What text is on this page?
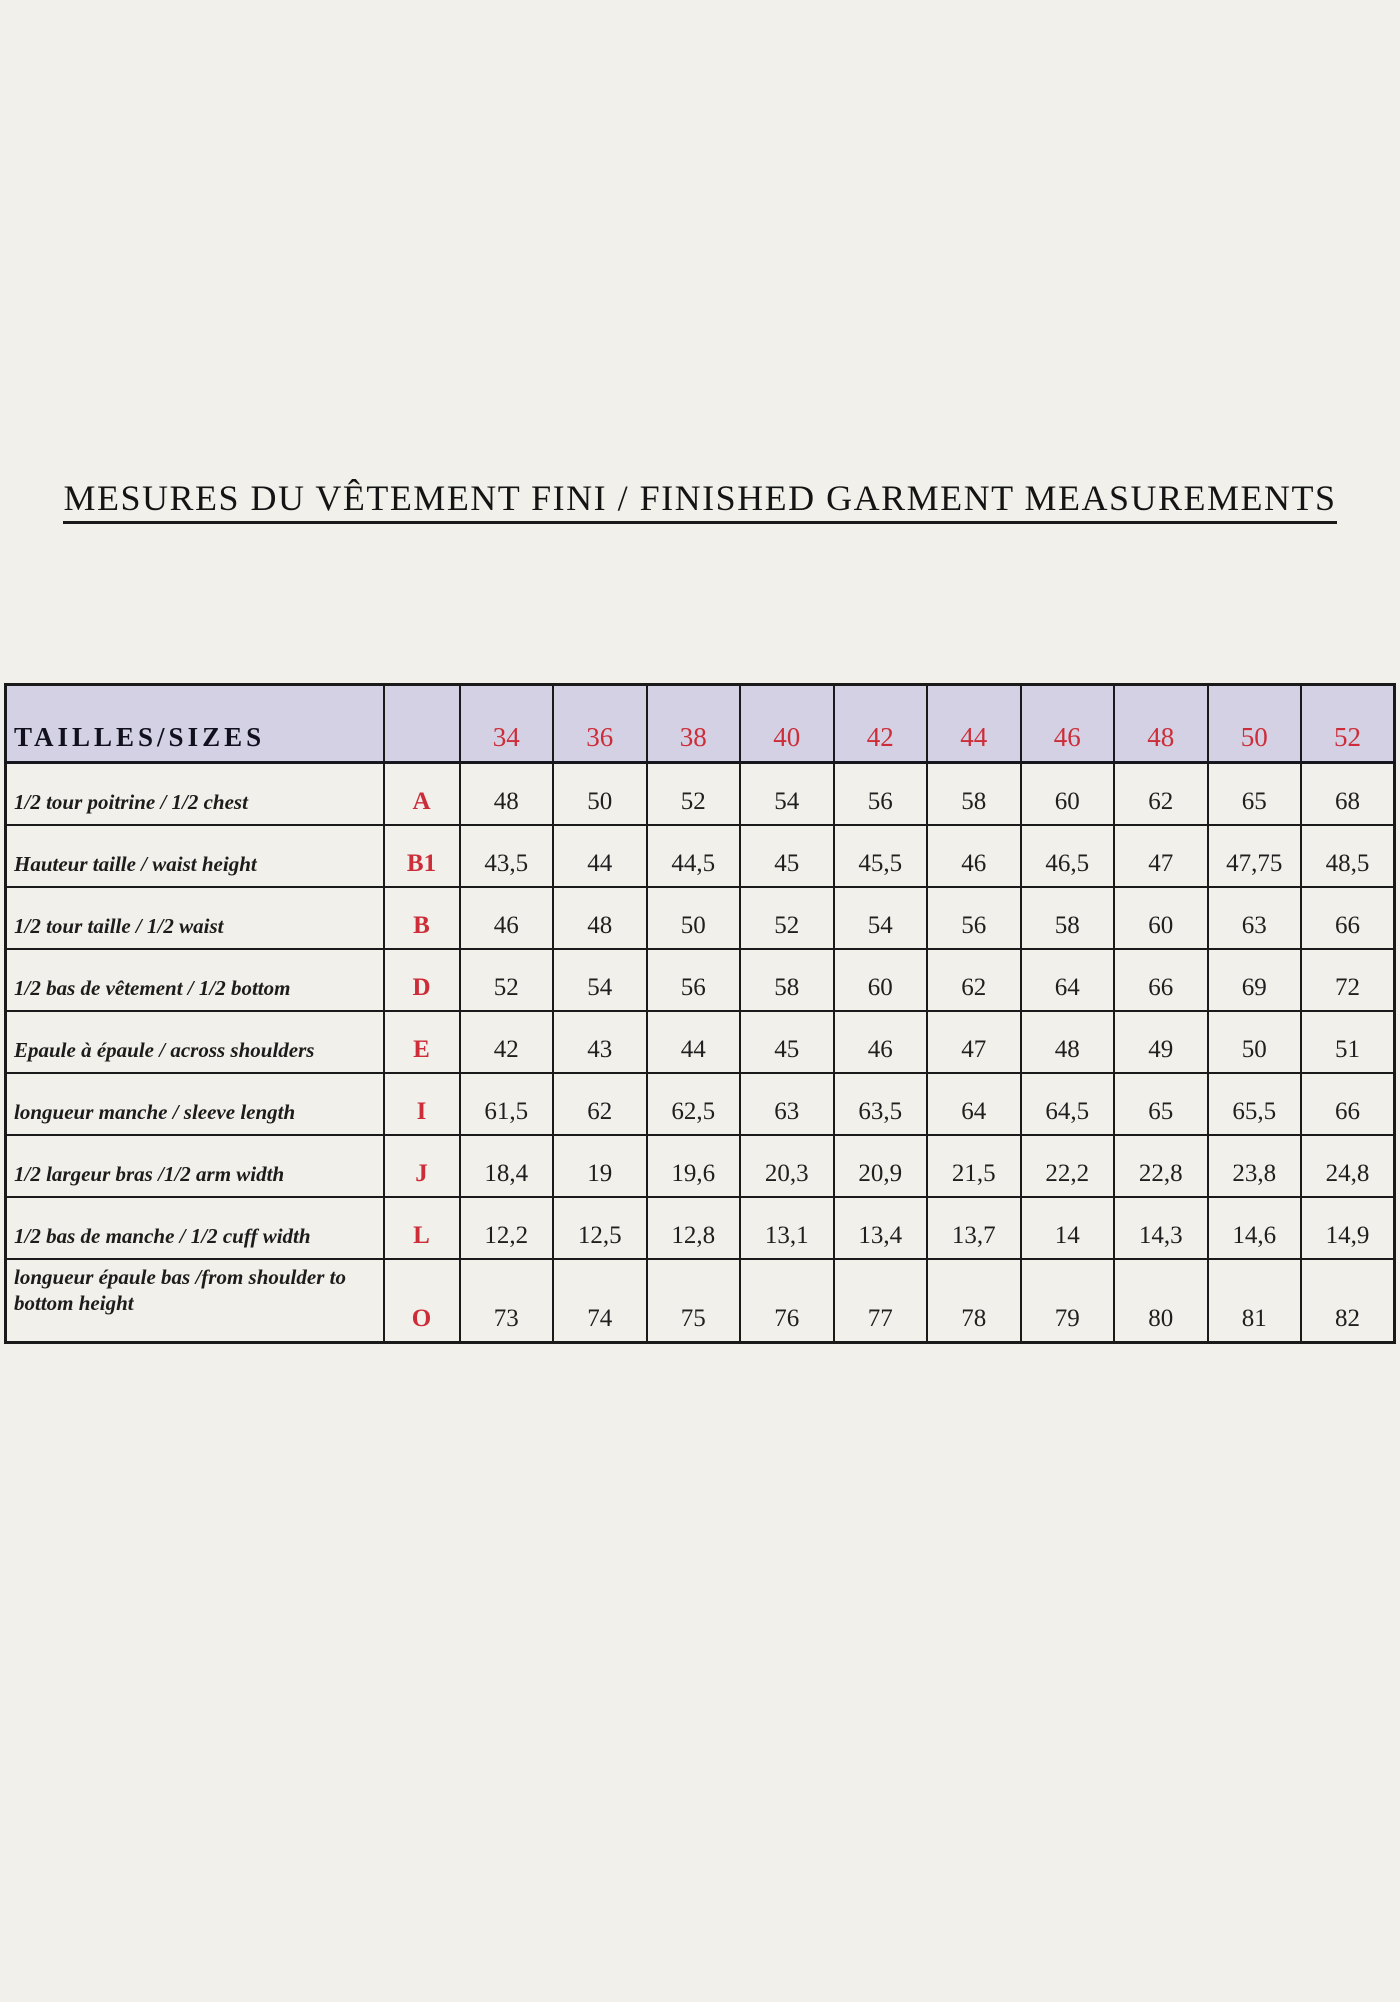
MESURES DU VÊTEMENT FINI / FINISHED GARMENT MEASUREMENTS
TAILLES/SIZES		34	36	38	40	42	44	46	48	50	52
1/2 tour poitrine / 1/2 chest	A	48	50	52	54	56	58	60	62	65	68
Hauteur taille / waist height	B1	43,5	44	44,5	45	45,5	46	46,5	47	47,75	48,5
1/2 tour taille / 1/2 waist	B	46	48	50	52	54	56	58	60	63	66
1/2 bas de vêtement / 1/2 bottom	D	52	54	56	58	60	62	64	66	69	72
Epaule à épaule / across shoulders	E	42	43	44	45	46	47	48	49	50	51
longueur manche / sleeve length	I	61,5	62	62,5	63	63,5	64	64,5	65	65,5	66
1/2 largeur bras /1/2 arm width	J	18,4	19	19,6	20,3	20,9	21,5	22,2	22,8	23,8	24,8
1/2 bas de manche / 1/2 cuff width	L	12,2	12,5	12,8	13,1	13,4	13,7	14	14,3	14,6	14,9
longueur épaule bas /from shoulder to bottom height	O	73	74	75	76	77	78	79	80	81	82
